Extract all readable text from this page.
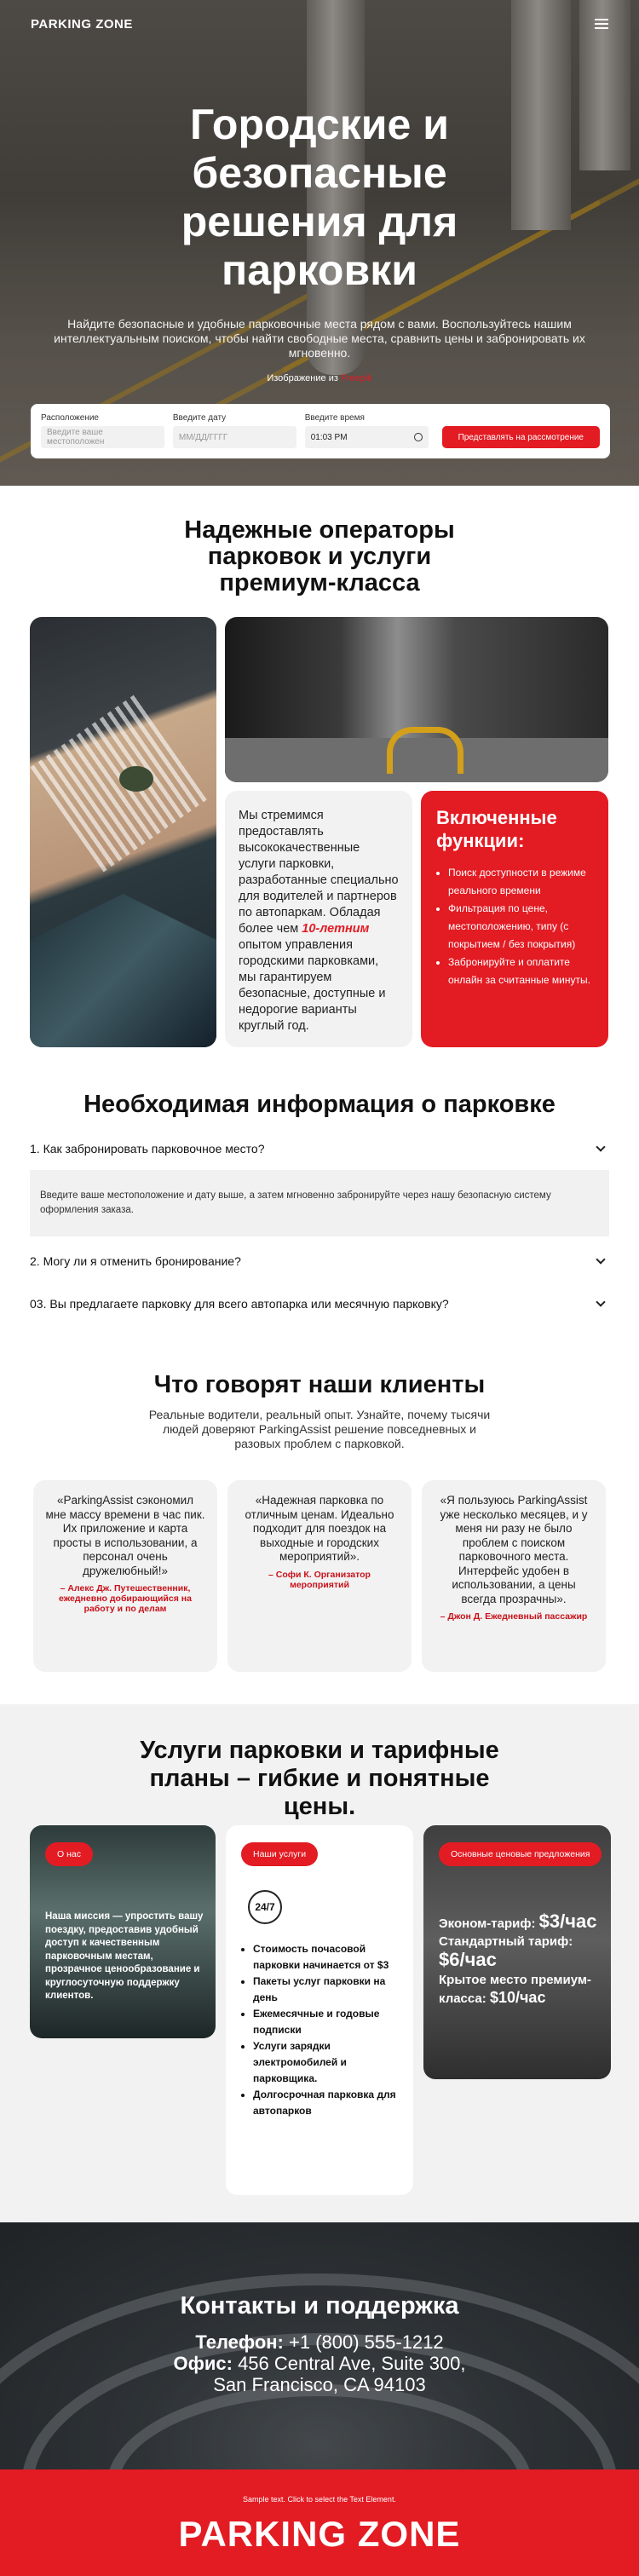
PARKING ZONE
Городские и безопасные решения для парковки

Найдите безопасные и удобные парковочные места рядом с вами. Воспользуйтесь нашим интеллектуальным поиском, чтобы найти свободные места, сравнить цены и забронировать их мгновенно.

Изображение из Freepik
Расположение
Введите ваше местоположен
Введите дату
ММ/ДД/ГГГГ
Введите время
01:03 PM	Представлять на рассмотрение
Надежные операторы парковок и услуги премиум-класса
Мы стремимся предоставлять высококачественные услуги парковки, разработанные специально для водителей и партнеров по автопаркам. Обладая более чем 10-летним опытом управления городскими парковками, мы гарантируем безопасные, доступные и недорогие варианты круглый год.
Включенные функции:
• Поиск доступности в режиме реального времени
• Фильтрация по цене, местоположению, типу (с покрытием / без покрытия)
• Забронируйте и оплатите онлайн за считанные минуты.
Необходимая информация о парковке
1. Как забронировать парковочное место?
Введите ваше местоположение и дату выше, а затем мгновенно забронируйте через нашу безопасную систему оформления заказа.
2. Могу ли я отменить бронирование?
03. Вы предлагаете парковку для всего автопарка или месячную парковку?
Что говорят наши клиенты

Реальные водители, реальный опыт. Узнайте, почему тысячи людей доверяют ParkingAssist решение повседневных и разовых проблем с парковкой.

«ParkingAssist сэкономил мне массу времени в час пик. Их приложение и карта просты в использовании, а персонал очень дружелюбный!»

– Алекс Дж. Путешественник, ежедневно добирающийся на работу и по делам

«Надежная парковка по отличным ценам. Идеально подходит для поездок на выходные и городских мероприятий».

– Софи К. Организатор мероприятий

«Я пользуюсь ParkingAssist уже несколько месяцев, и у меня ни разу не было проблем с поиском парковочного места. Интерфейс удобен в использовании, а цены всегда прозрачны».

– Джон Д. Ежедневный пассажир

Услуги парковки и тарифные планы – гибкие и понятные цены.
О нас

Наша миссия — упростить вашу поездку, предоставив удобный доступ к качественным парковочным местам, прозрачное ценообразование и круглосуточную поддержку клиентов.

Наши услуги
24/7
• Стоимость почасовой парковки начинается от $3
• Пакеты услуг парковки на день
• Ежемесячные и годовые подписки
• Услуги зарядки электромобилей и парковщика.
• Долгосрочная парковка для автопарков
Основные ценовые предложения
Эконом-тариф: $3/час
Стандартный тариф: $6/час
Крытое место премиум-класса: $10/час
Контакты и поддержка
Телефон: +1 (800) 555-1212
Офис: 456 Central Ave, Suite 300,
San Francisco, CA 94103
Sample text. Click to select the Text Element.
PARKING ZONE
